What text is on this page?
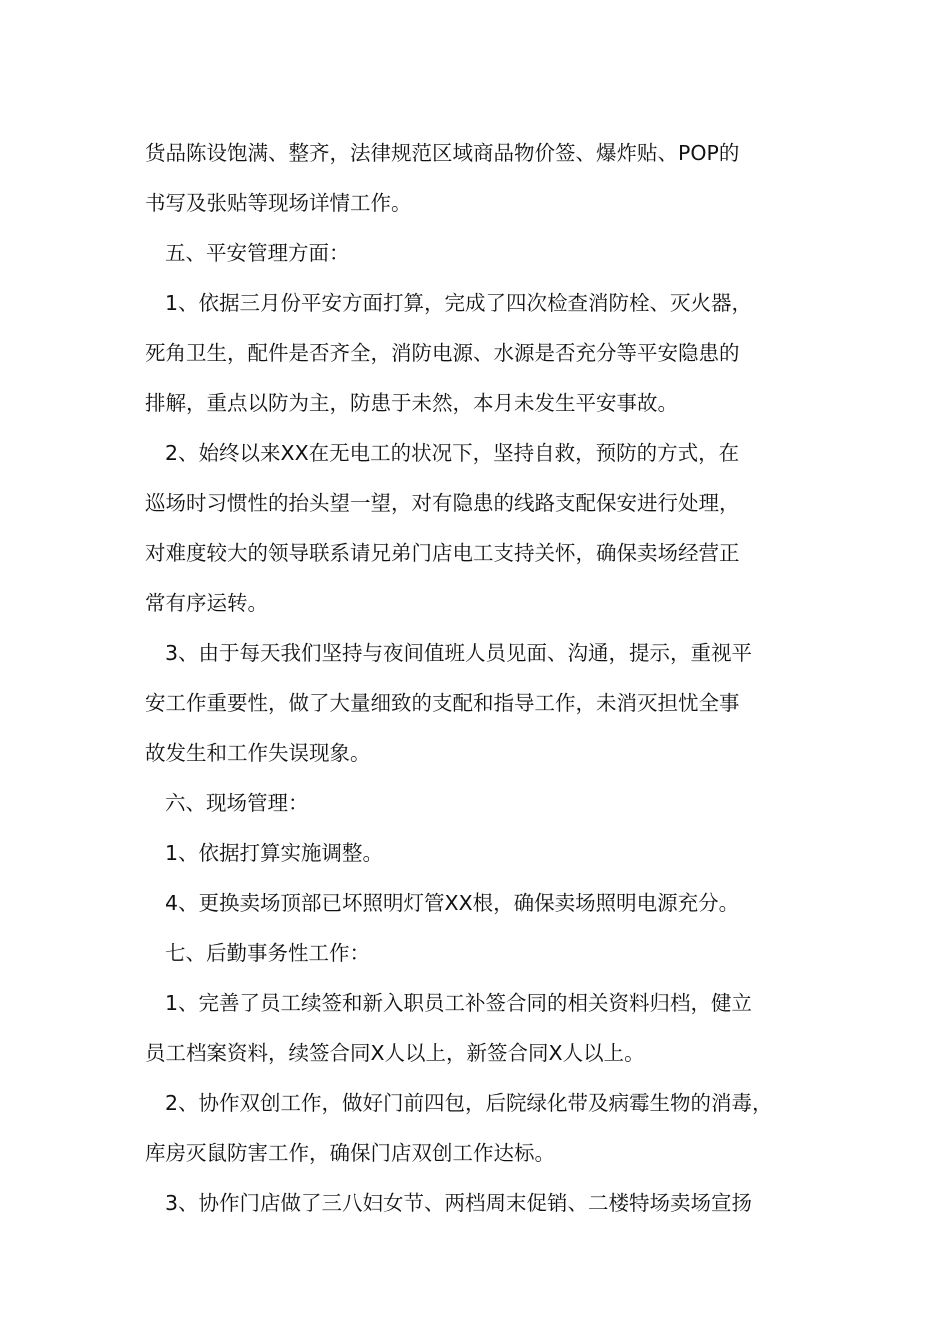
货品陈设饱满、整齐，法律规范区域商品物价签、爆炸贴、POP的
书写及张贴等现场详情工作。

五、平安管理方面：

1、依据三月份平安方面打算，完成了四次检查消防栓、灭火器，
死角卫生，配件是否齐全，消防电源、水源是否充分等平安隐患的
排解，重点以防为主，防患于未然，本月未发生平安事故。

2、始终以来XX在无电工的状况下，坚持自救，预防的方式，在
巡场时习惯性的抬头望一望，对有隐患的线路支配保安进行处理，
对难度较大的领导联系请兄弟门店电工支持关怀，确保卖场经营正
常有序运转。

3、由于每天我们坚持与夜间值班人员见面、沟通，提示，重视平
安工作重要性，做了大量细致的支配和指导工作，未消灭担忧全事
故发生和工作失误现象。

六、现场管理：

1、依据打算实施调整。

4、更换卖场顶部已坏照明灯管XX根，确保卖场照明电源充分。

七、后勤事务性工作：

1、完善了员工续签和新入职员工补签合同的相关资料归档，健立
员工档案资料，续签合同X人以上，新签合同X人以上。

2、协作双创工作，做好门前四包，后院绿化带及病霉生物的消毒，
库房灭鼠防害工作，确保门店双创工作达标。

3、协作门店做了三八妇女节、两档周末促销、二楼特场卖场宣扬
